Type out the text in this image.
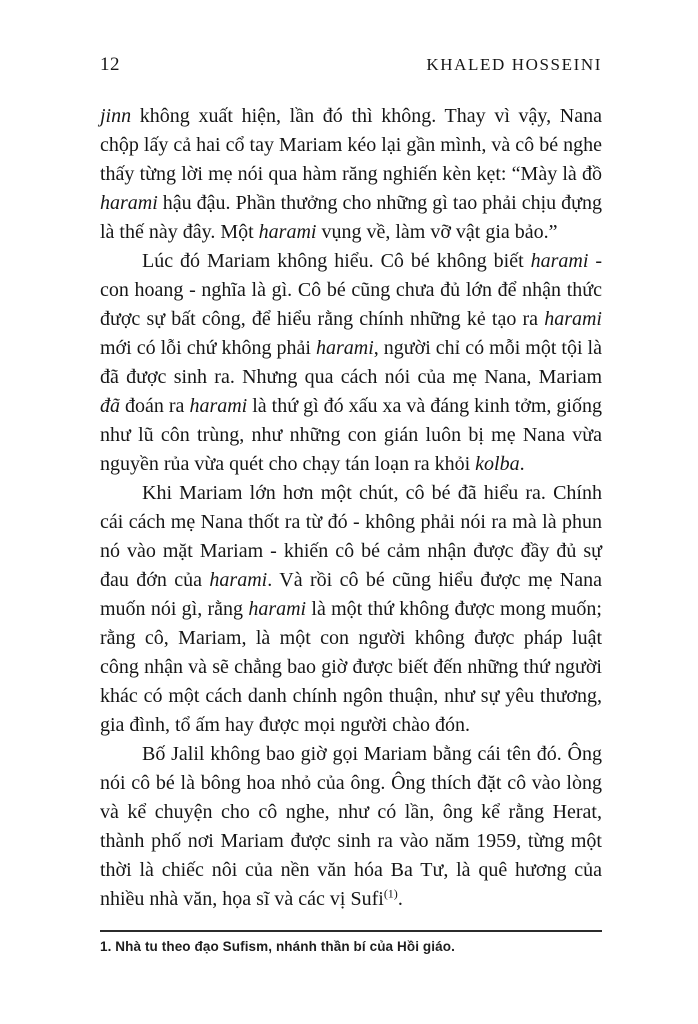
12	KHALED HOSSEINI

jinn không xuất hiện, lần đó thì không. Thay vì vậy, Nana chộp lấy cả hai cổ tay Mariam kéo lại gần mình, và cô bé nghe thấy từng lời mẹ nói qua hàm răng nghiến kèn kẹt: “Mày là đồ harami hậu đậu. Phần thưởng cho những gì tao phải chịu đựng là thế này đây. Một harami vụng về, làm vỡ vật gia bảo.”

Lúc đó Mariam không hiểu. Cô bé không biết harami - con hoang - nghĩa là gì. Cô bé cũng chưa đủ lớn để nhận thức được sự bất công, để hiểu rằng chính những kẻ tạo ra harami mới có lỗi chứ không phải harami, người chỉ có mỗi một tội là đã được sinh ra. Nhưng qua cách nói của mẹ Nana, Mariam đã đoán ra harami là thứ gì đó xấu xa và đáng kinh tởm, giống như lũ côn trùng, như những con gián luôn bị mẹ Nana vừa nguyền rủa vừa quét cho chạy tán loạn ra khỏi kolba.

Khi Mariam lớn hơn một chút, cô bé đã hiểu ra. Chính cái cách mẹ Nana thốt ra từ đó - không phải nói ra mà là phun nó vào mặt Mariam - khiến cô bé cảm nhận được đầy đủ sự đau đớn của harami. Và rồi cô bé cũng hiểu được mẹ Nana muốn nói gì, rằng harami là một thứ không được mong muốn; rằng cô, Mariam, là một con người không được pháp luật công nhận và sẽ chẳng bao giờ được biết đến những thứ người khác có một cách danh chính ngôn thuận, như sự yêu thương, gia đình, tổ ấm hay được mọi người chào đón.

Bố Jalil không bao giờ gọi Mariam bằng cái tên đó. Ông nói cô bé là bông hoa nhỏ của ông. Ông thích đặt cô vào lòng và kể chuyện cho cô nghe, như có lần, ông kể rằng Herat, thành phố nơi Mariam được sinh ra vào năm 1959, từng một thời là chiếc nôi của nền văn hóa Ba Tư, là quê hương của nhiều nhà văn, họa sĩ và các vị Sufi$^{(1)}$.

1. Nhà tu theo đạo Sufism, nhánh thần bí của Hồi giáo.
